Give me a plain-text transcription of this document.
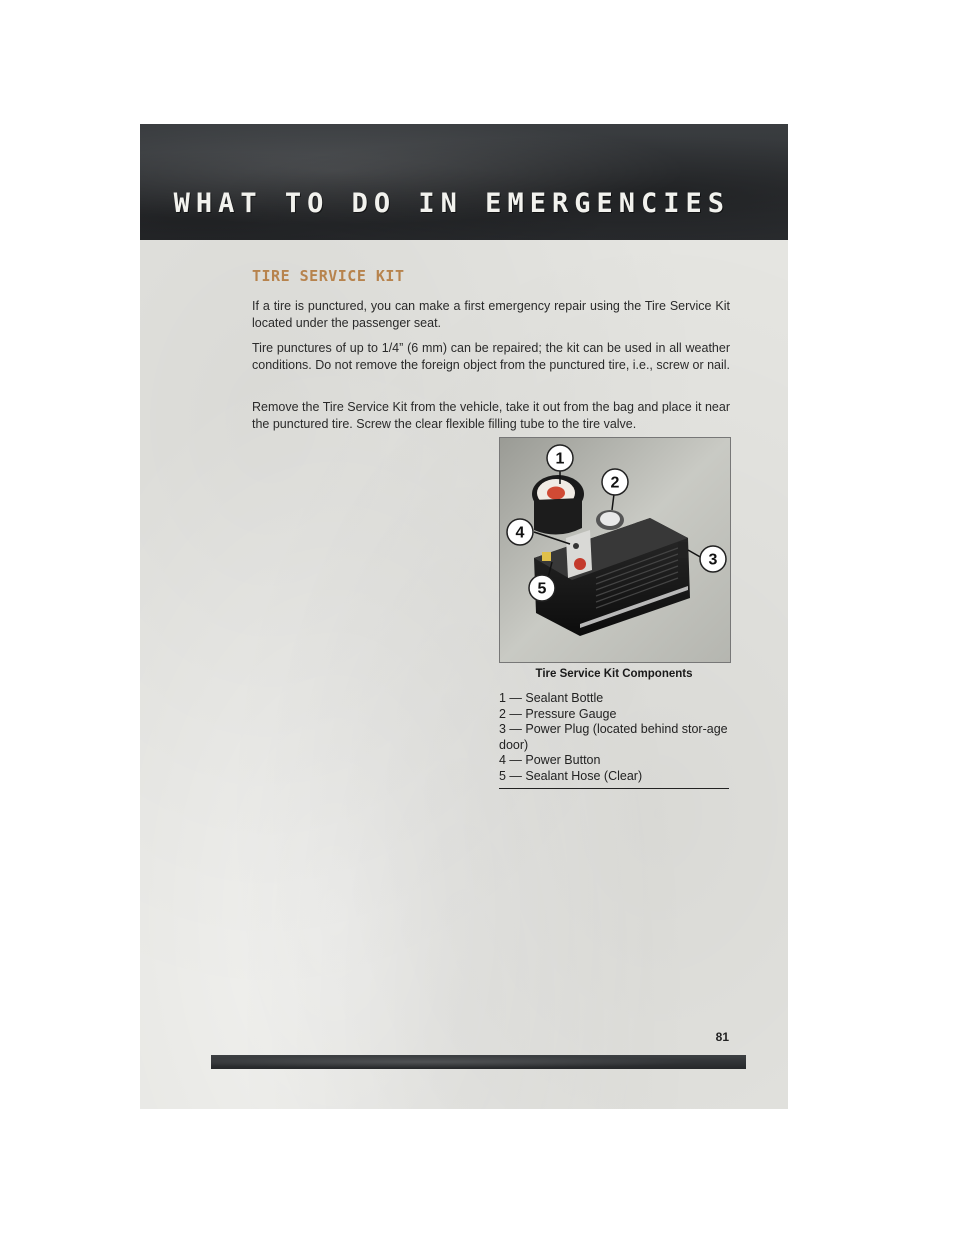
WHAT TO DO IN EMERGENCIES
TIRE SERVICE KIT

If a tire is punctured, you can make a first emergency repair using the Tire Service Kit located under the passenger seat.

Tire punctures of up to 1/4” (6 mm) can be repaired; the kit can be used in all weather conditions. Do not remove the foreign object from the punctured tire, i.e., screw or nail.

Remove the Tire Service Kit from the vehicle, take it out from the bag and place it near the punctured tire. Screw the clear flexible filling tube to the tire valve.

1
2
3
4
5

Tire Service Kit Components

1 — Sealant Bottle
2 — Pressure Gauge
3 — Power Plug (located behind stor-age door)
4 — Power Button
5 — Sealant Hose (Clear)

81
